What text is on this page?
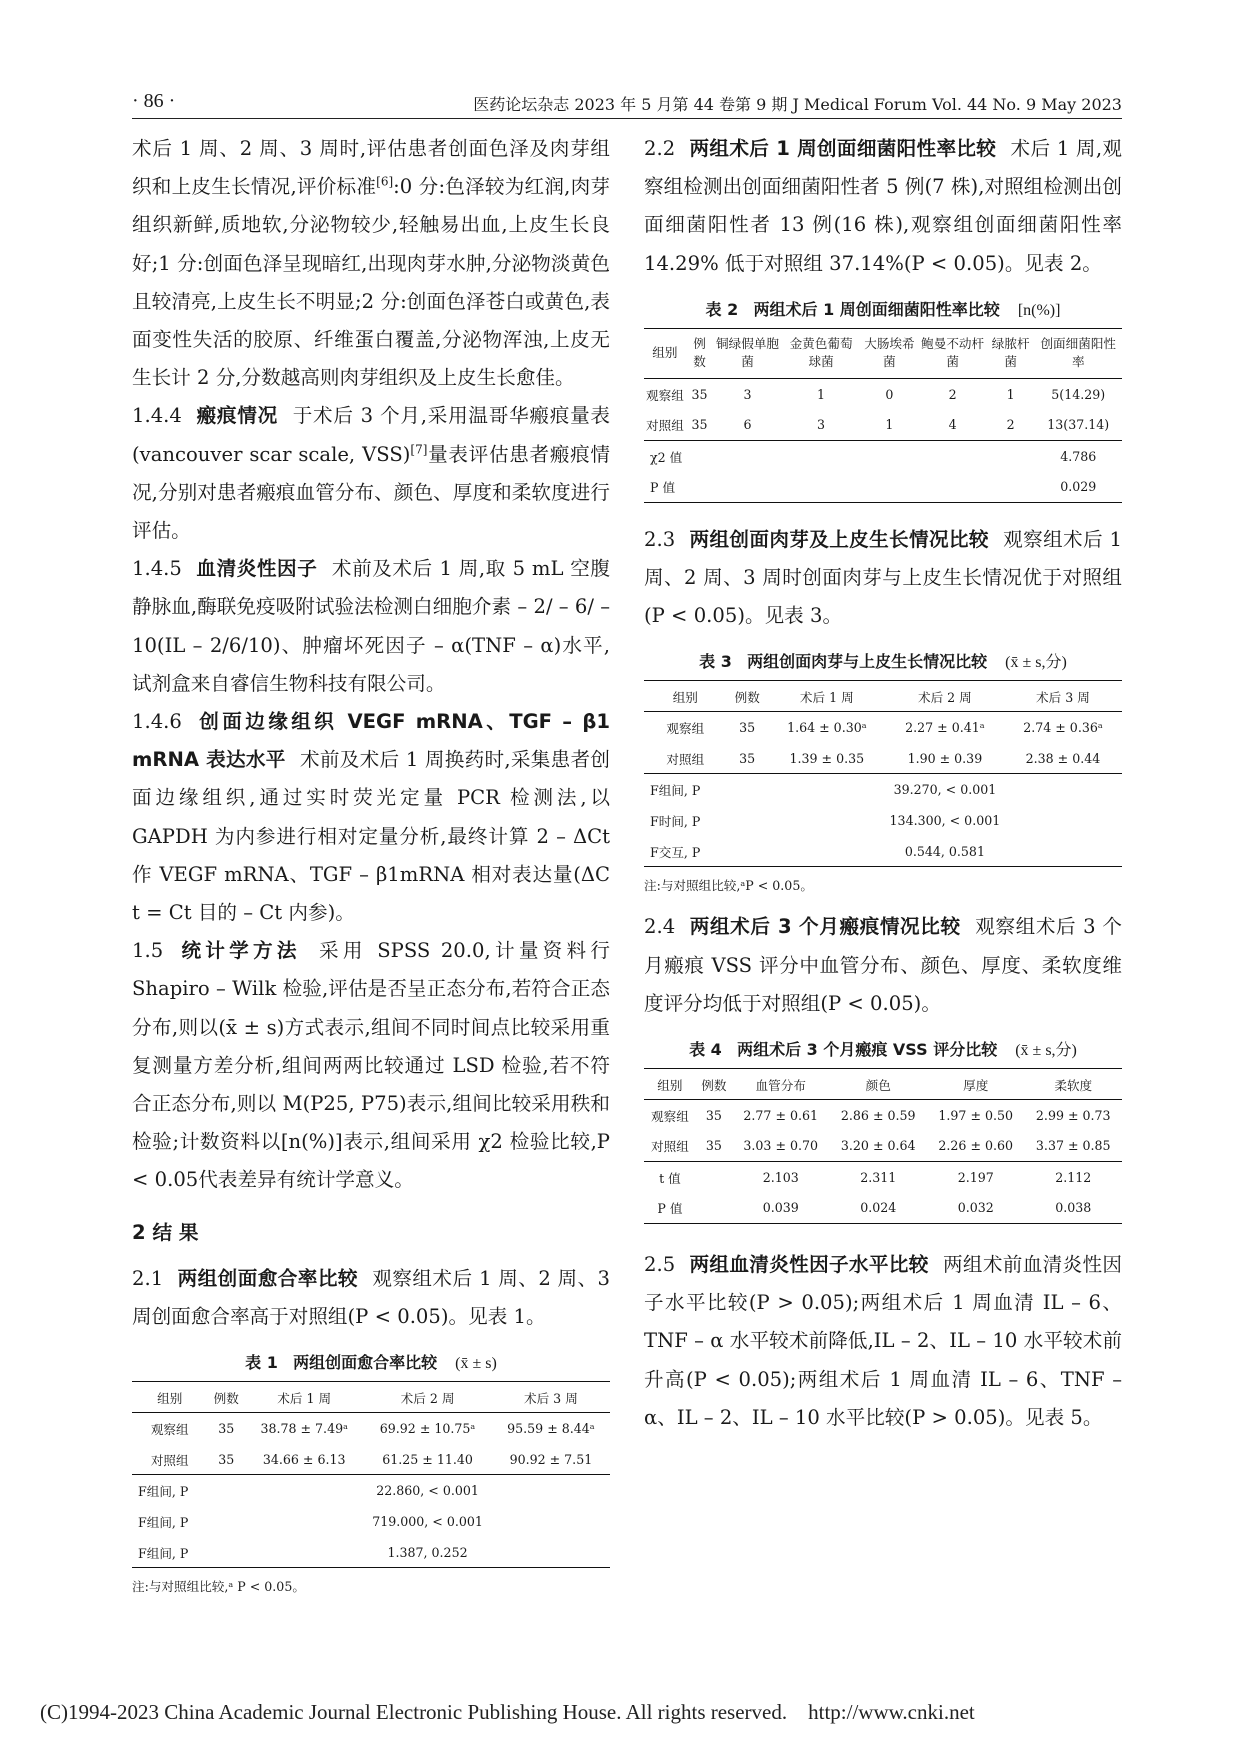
· 86 ·	医药论坛杂志 2023 年 5 月第 44 卷第 9 期 J Medical Forum Vol. 44 No. 9 May 2023

术后 1 周、2 周、3 周时,评估患者创面色泽及肉芽组织和上皮生长情况,评价标准[6]:0 分:色泽较为红润,肉芽组织新鲜,质地软,分泌物较少,轻触易出血,上皮生长良好;1 分:创面色泽呈现暗红,出现肉芽水肿,分泌物淡黄色且较清亮,上皮生长不明显;2 分:创面色泽苍白或黄色,表面变性失活的胶原、纤维蛋白覆盖,分泌物浑浊,上皮无生长计 2 分,分数越高则肉芽组织及上皮生长愈佳。

1.4.4 瘢痕情况 于术后 3 个月,采用温哥华瘢痕量表(vancouver scar scale, VSS)[7]量表评估患者瘢痕情况,分别对患者瘢痕血管分布、颜色、厚度和柔软度进行评估。

1.4.5 血清炎性因子 术前及术后 1 周,取 5 mL 空腹静脉血,酶联免疫吸附试验法检测白细胞介素 – 2/ – 6/ – 10(IL – 2/6/10)、肿瘤坏死因子 – α(TNF – α)水平,试剂盒来自睿信生物科技有限公司。

1.4.6 创面边缘组织 VEGF mRNA、TGF – β1 mRNA 表达水平 术前及术后 1 周换药时,采集患者创面边缘组织,通过实时荧光定量 PCR 检测法,以 GAPDH 为内参进行相对定量分析,最终计算 2 – ΔCt作 VEGF mRNA、TGF – β1mRNA 相对表达量(ΔC t = Ct 目的 – Ct 内参)。

1.5 统计学方法 采用 SPSS 20.0,计量资料行 Shapiro – Wilk 检验,评估是否呈正态分布,若符合正态分布,则以(x̄ ± s)方式表示,组间不同时间点比较采用重复测量方差分析,组间两两比较通过 LSD 检验,若不符合正态分布,则以 M(P25, P75)表示,组间比较采用秩和检验;计数资料以[n(%)]表示,组间采用 χ2 检验比较,P < 0.05代表差异有统计学意义。

2 结 果

2.1 两组创面愈合率比较 观察组术后 1 周、2 周、3 周创面愈合率高于对照组(P < 0.05)。见表 1。

表 1 两组创面愈合率比较 (x̄ ± s)
组别	例数	术后 1 周	术后 2 周	术后 3 周
观察组	35	38.78 ± 7.49ᵃ	69.92 ± 10.75ᵃ	95.59 ± 8.44ᵃ
对照组	35	34.66 ± 6.13	61.25 ± 11.40	90.92 ± 7.51
F组间, P		22.860, < 0.001		
F组间, P		719.000, < 0.001		
F组间, P		1.387, 0.252		

注:与对照组比较,ᵃ P < 0.05。

2.2 两组术后 1 周创面细菌阳性率比较 术后 1 周,观察组检测出创面细菌阳性者 5 例(7 株),对照组检测出创面细菌阳性者 13 例(16 株),观察组创面细菌阳性率 14.29% 低于对照组 37.14%(P < 0.05)。见表 2。

表 2 两组术后 1 周创面细菌阳性率比较 [n(%)]
组别	例数	铜绿假单胞菌	金黄色葡萄球菌	大肠埃希菌	鲍曼不动杆菌	绿脓杆菌	创面细菌阳性率
观察组	35	3	1	0	2	1	5(14.29)
对照组	35	6	3	1	4	2	13(37.14)
χ2 值							4.786
P 值							0.029

2.3 两组创面肉芽及上皮生长情况比较 观察组术后 1 周、2 周、3 周时创面肉芽与上皮生长情况优于对照组(P < 0.05)。见表 3。

表 3 两组创面肉芽与上皮生长情况比较 (x̄ ± s,分)
组别	例数	术后 1 周	术后 2 周	术后 3 周
观察组	35	1.64 ± 0.30ᵃ	2.27 ± 0.41ᵃ	2.74 ± 0.36ᵃ
对照组	35	1.39 ± 0.35	1.90 ± 0.39	2.38 ± 0.44
F组间, P		39.270, < 0.001		
F时间, P		134.300, < 0.001		
F交互, P		0.544, 0.581		

注:与对照组比较,ᵃP < 0.05。

2.4 两组术后 3 个月瘢痕情况比较 观察组术后 3 个月瘢痕 VSS 评分中血管分布、颜色、厚度、柔软度维度评分均低于对照组(P < 0.05)。

表 4 两组术后 3 个月瘢痕 VSS 评分比较 (x̄ ± s,分)
组别	例数	血管分布	颜色	厚度	柔软度
观察组	35	2.77 ± 0.61	2.86 ± 0.59	1.97 ± 0.50	2.99 ± 0.73
对照组	35	3.03 ± 0.70	3.20 ± 0.64	2.26 ± 0.60	3.37 ± 0.85
t 值		2.103	2.311	2.197	2.112
P 值		0.039	0.024	0.032	0.038

2.5 两组血清炎性因子水平比较 两组术前血清炎性因子水平比较(P > 0.05);两组术后 1 周血清 IL – 6、TNF – α 水平较术前降低,IL – 2、IL – 10 水平较术前升高(P < 0.05);两组术后 1 周血清 IL – 6、TNF – α、IL – 2、IL – 10 水平比较(P > 0.05)。见表 5。

(C)1994-2023 China Academic Journal Electronic Publishing House. All rights reserved. http://www.cnki.net
